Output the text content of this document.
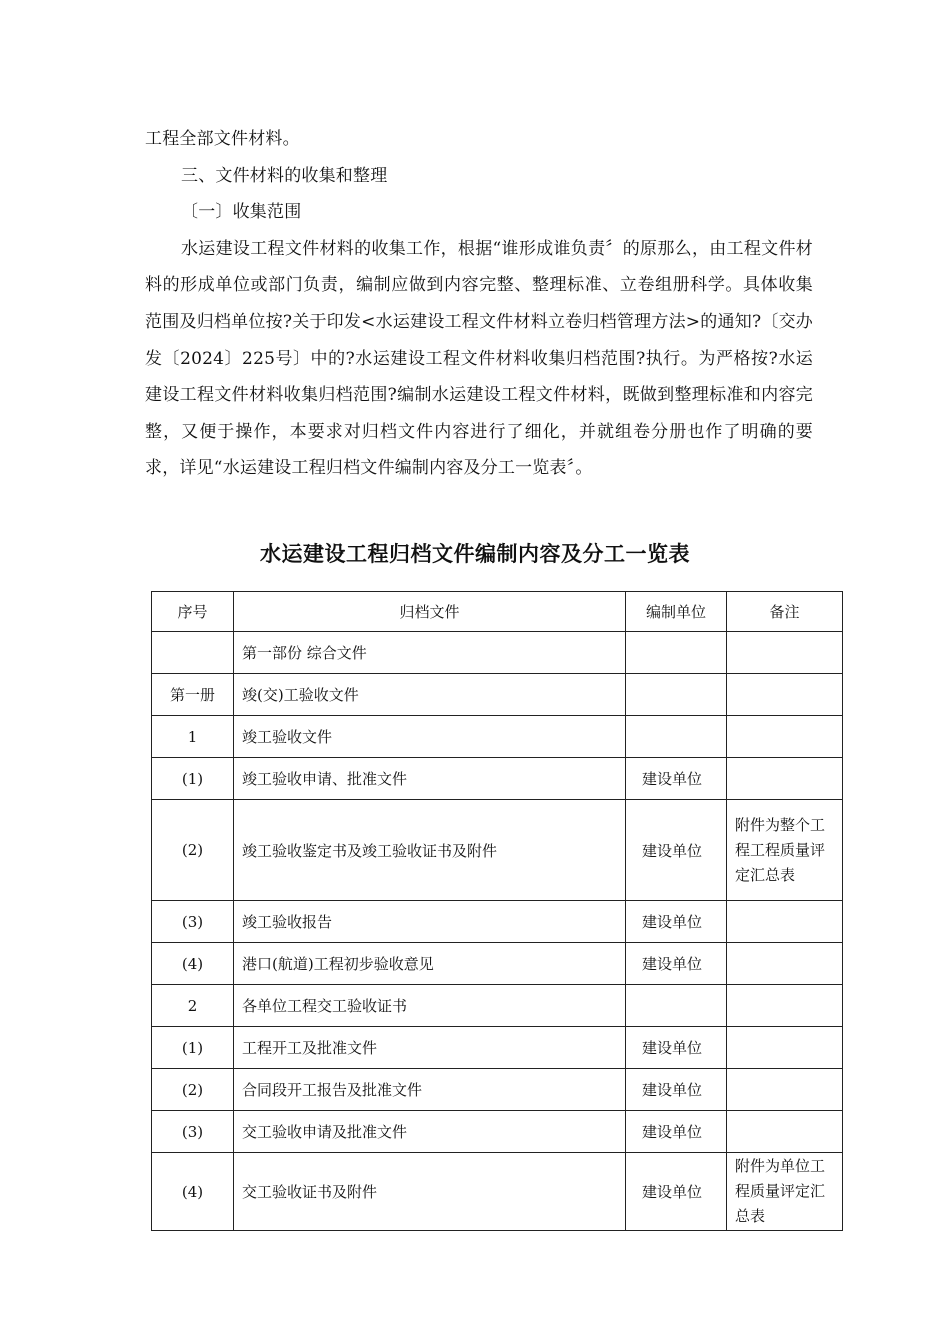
工程全部文件材料。

三、文件材料的收集和整理

〔一〕收集范围

水运建设工程文件材料的收集工作，根据“谁形成谁负责〞的原那么，由工程文件材料的形成单位或部门负责，编制应做到内容完整、整理标准、立卷组册科学。具体收集范围及归档单位按?关于印发<水运建设工程文件材料立卷归档管理方法>的通知?〔交办发〔2024〕225号〕中的?水运建设工程文件材料收集归档范围?执行。为严格按?水运建设工程文件材料收集归档范围?编制水运建设工程文件材料，既做到整理标准和内容完整，又便于操作，本要求对归档文件内容进行了细化，并就组卷分册也作了明确的要求，详见“水运建设工程归档文件编制内容及分工一览表〞。

水运建设工程归档文件编制内容及分工一览表
序号	归档文件	编制单位	备注
	第一部份 综合文件		
第一册	竣(交)工验收文件		
1	竣工验收文件		
(1)	竣工验收申请、批准文件	建设单位	
(2)	竣工验收鉴定书及竣工验收证书及附件	建设单位	附件为整个工程工程质量评定汇总表
(3)	竣工验收报告	建设单位	
(4)	港口(航道)工程初步验收意见	建设单位	
2	各单位工程交工验收证书		
(1)	工程开工及批准文件	建设单位	
(2)	合同段开工报告及批准文件	建设单位	
(3)	交工验收申请及批准文件	建设单位	
(4)	交工验收证书及附件	建设单位	附件为单位工程质量评定汇总表
